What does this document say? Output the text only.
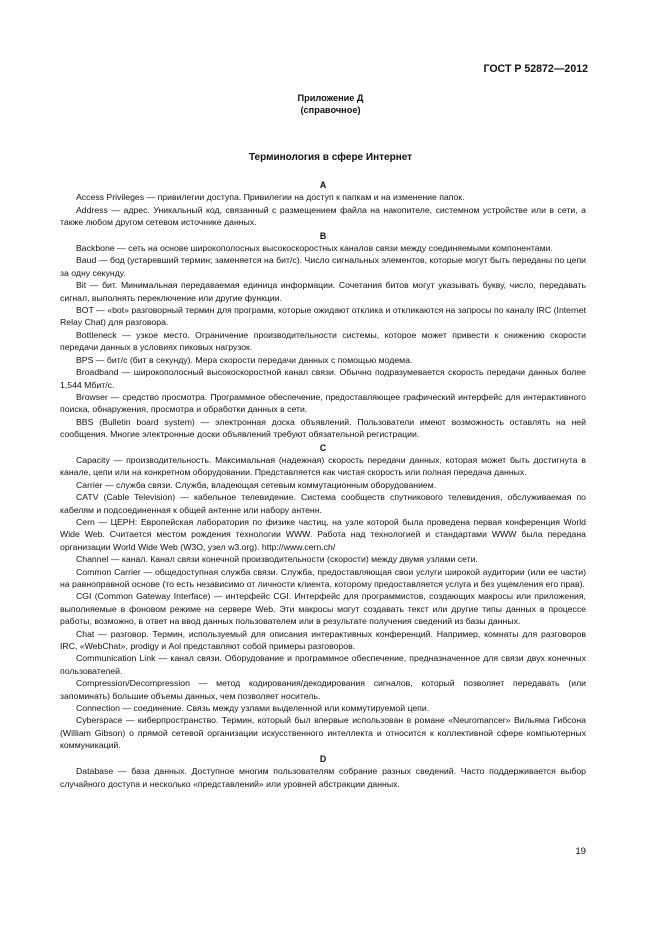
ГОСТ Р 52872—2012
Приложение Д
(справочное)
Терминология в сфере Интернет
A

Access Privileges — привилегии доступа. Привилегии на доступ к папкам и на изменение папок.

Address — адрес. Уникальный код, связанный с размещением файла на накопителе, системном устройстве или в сети, а также любом другом сетевом источнике данных.

B

Backbone — сеть на основе широкополосных высокоскоростных каналов связи между соединяемыми компонентами.

Baud — бод (устаревший термин; заменяется на бит/с). Число сигнальных элементов, которые могут быть переданы по цепи за одну секунду.

Bit — бит. Минимальная передаваемая единица информации. Сочетания битов могут указывать букву, число, передавать сигнал, выполнять переключение или другие функции.

BOT — «bot» разговорный термин для программ, которые ожидают отклика и откликаются на запросы по каналу IRC (Internet Relay Chat) для разговора.

Bottleneck — узкое место. Ограничение производительности системы, которое может привести к снижению скорости передачи данных в условиях пиковых нагрузок.

BPS — бит/с (бит в секунду). Мера скорости передачи данных с помощью модема.

Broadband — широкополосный высокоскоростной канал связи. Обычно подразумевается скорость передачи данных более 1,544 Мбит/с.

Browser — средство просмотра. Программное обеспечение, предоставляющее графический интерфейс для интерактивного поиска, обнаружения, просмотра и обработки данных в сети.

BBS (Bulletin board system) — электронная доска объявлений. Пользователи имеют возможность оставлять на ней сообщения. Многие электронные доски объявлений требуют обязательной регистрации.

C

Capacity — производительность. Максимальная (надежная) скорость передачи данных, которая может быть достигнута в канале, цепи или на конкретном оборудовании. Представляется как чистая скорость или полная передача данных.

Carrier — служба связи. Служба, владеющая сетевым коммутационным оборудованием.

CATV (Cable Television) — кабельное телевидение. Система сообществ спутникового телевидения, обслуживаемая по кабелям и подсоединенная к общей антенне или набору антенн.

Cern — ЦЕРН: Европейская лаборатория по физике частиц, на узле которой была проведена первая конференция World Wide Web. Считается местом рождения технологии WWW. Работа над технологией и стандартами WWW была передана организации World Wide Web (W3O, узел w3.org). http://www.cern.ch/

Channel — канал. Канал связи конечной производительности (скорости) между двумя узлами сети.

Common Carrier — общедоступная служба связи. Служба, предоставляющая свои услуги широкой аудитории (или ее части) на равноправной основе (то есть независимо от личности клиента, которому предоставляется услуга и без ущемления его прав).

CGI (Common Gateway Interface) — интерфейс CGI. Интерфейс для программистов, создающих макросы или приложения, выполняемые в фоновом режиме на сервере Web. Эти макросы могут создавать текст или другие типы данных в процессе работы, возможно, в ответ на ввод данных пользователем или в результате получения сведений из базы данных.

Chat — разговор. Термин, используемый для описания интерактивных конференций. Например, комнаты для разговоров IRC, «WebChat», prodigy и Aol представляют собой примеры разговоров.

Communication Link — канал связи. Оборудование и программное обеспечение, предназначенное для связи двух конечных пользователей.

Compression/Decompression — метод кодирования/декодирования сигналов, который позволяет передавать (или запоминать) большие объемы данных, чем позволяет носитель.

Connection — соединение. Связь между узлами выделенной или коммутируемой цепи.

Cyberspace — киберпространство. Термин, который был впервые использован в романе «Neuromancer» Вильяма Гибсона (William Gibson) о прямой сетевой организации искусственного интеллекта и относится к коллективной сфере компьютерных коммуникаций.

D

Database — база данных. Доступное многим пользователям собрание разных сведений. Часто поддерживается выбор случайного доступа и несколько «представлений» или уровней абстракции данных.

19
